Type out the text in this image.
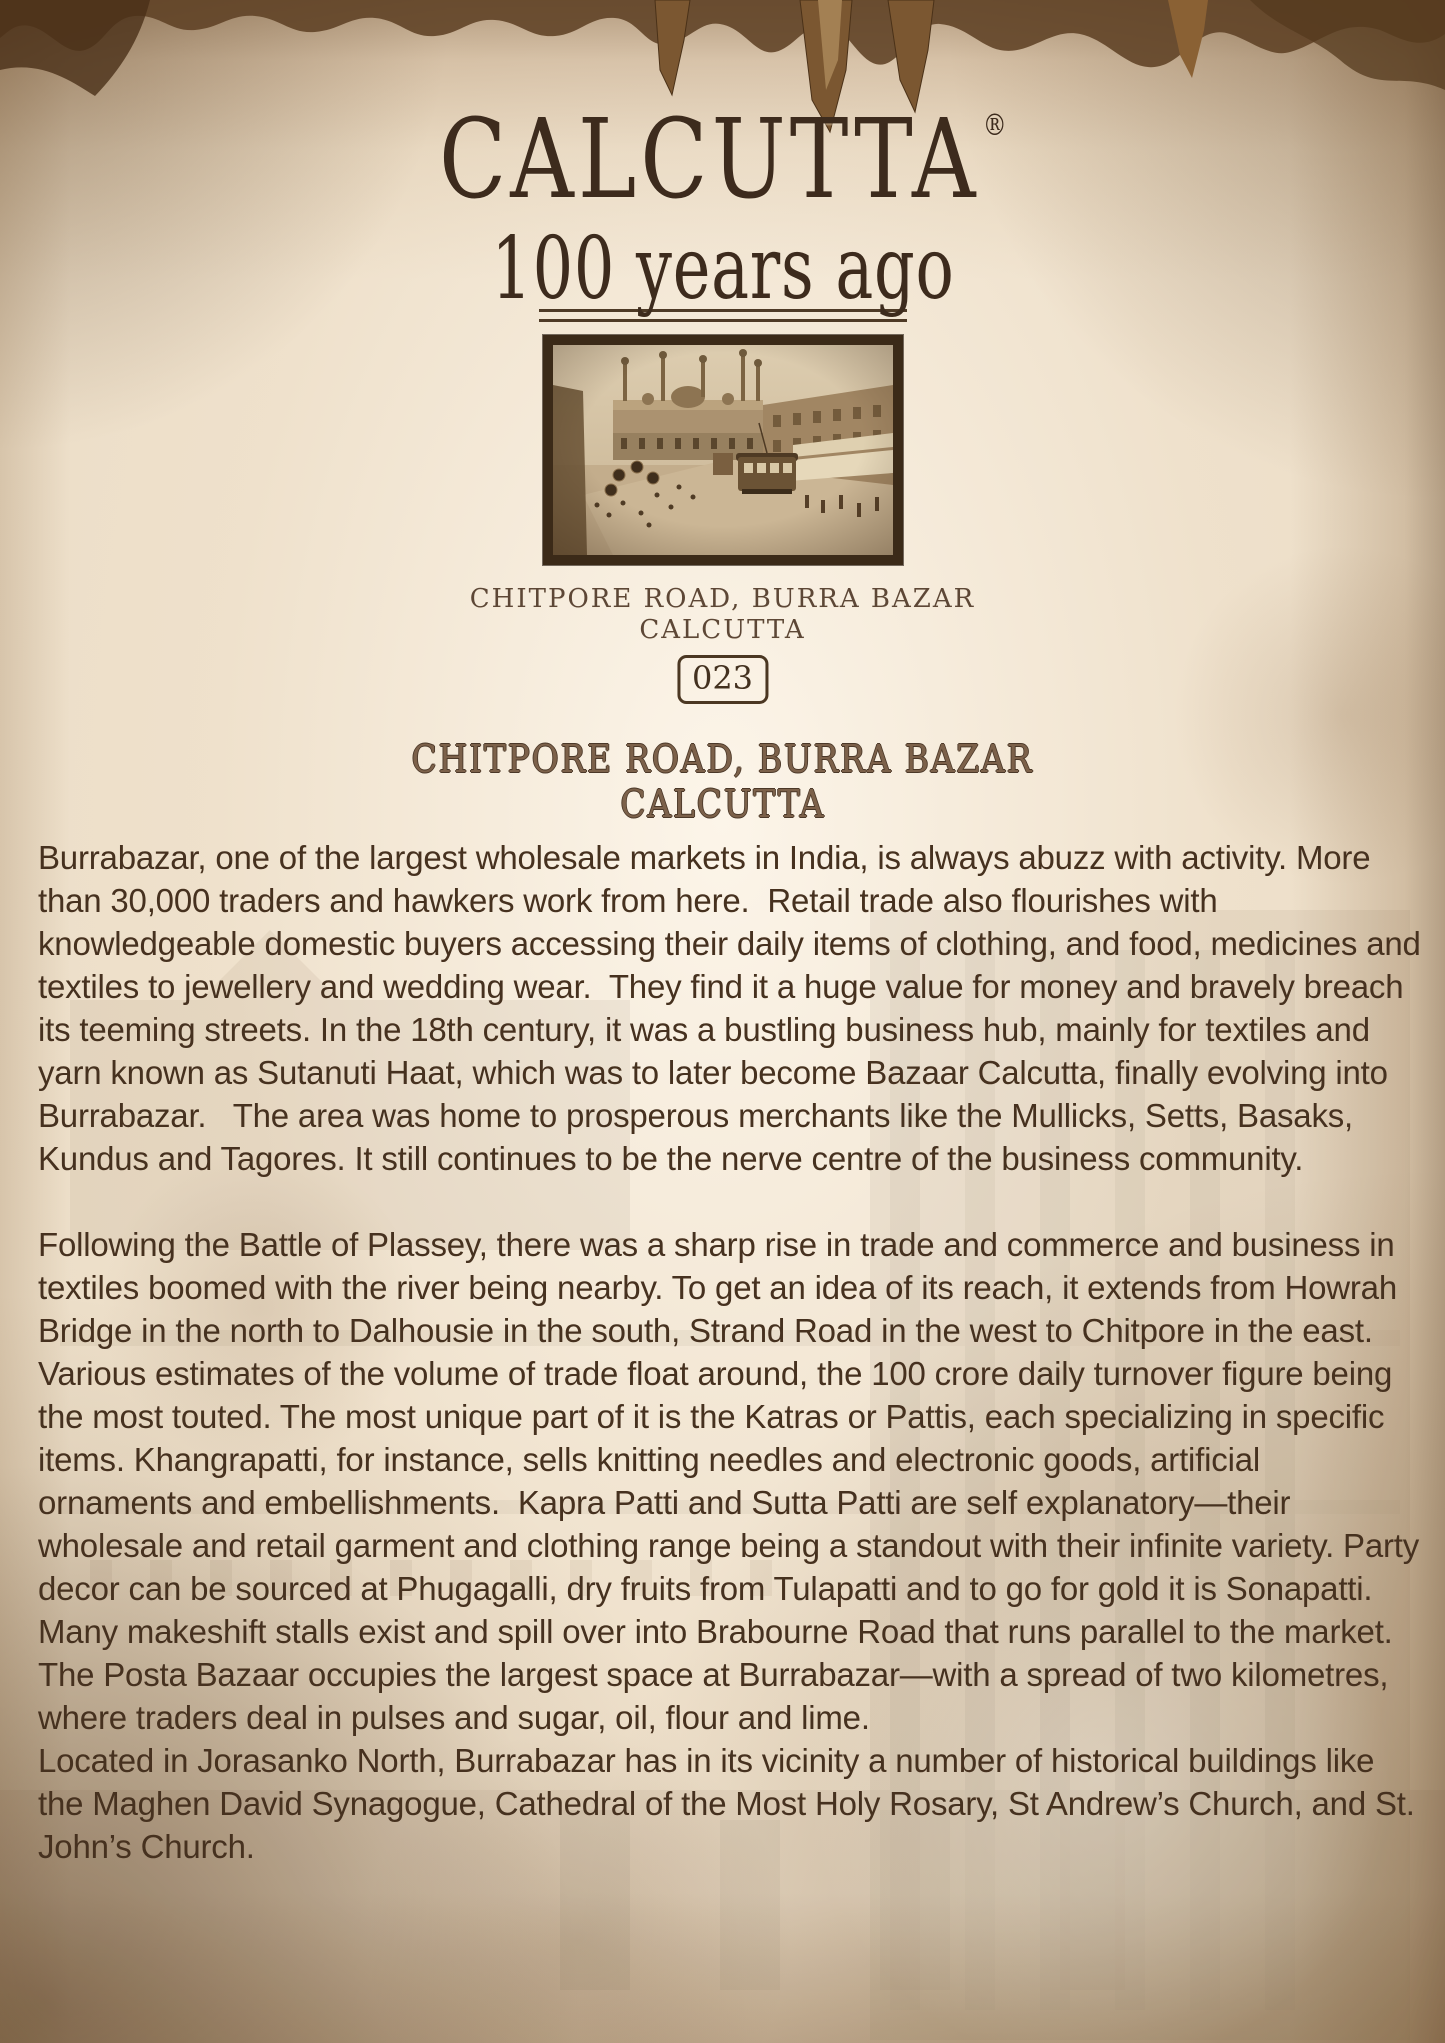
CALCUTTA ®
100 years ago
CHITPORE ROAD, BURRA BAZAR
CALCUTTA
023
CHITPORE ROAD, BURRA BAZAR
CALCUTTA

Burrabazar, one of the largest wholesale markets in India, is always abuzz with activity. More than 30,000 traders and hawkers work from here.  Retail trade also flourishes with knowledgeable domestic buyers accessing their daily items of clothing, and food, medicines and textiles to jewellery and wedding wear.  They find it a huge value for money and bravely breach its teeming streets. In the 18th century, it was a bustling business hub, mainly for textiles and yarn known as Sutanuti Haat, which was to later become Bazaar Calcutta, finally evolving into Burrabazar.   The area was home to prosperous merchants like the Mullicks, Setts, Basaks, Kundus and Tagores. It still continues to be the nerve centre of the business community.

Following the Battle of Plassey, there was a sharp rise in trade and commerce and business in textiles boomed with the river being nearby. To get an idea of its reach, it extends from Howrah Bridge in the north to Dalhousie in the south, Strand Road in the west to Chitpore in the east. Various estimates of the volume of trade float around, the 100 crore daily turnover figure being the most touted. The most unique part of it is the Katras or Pattis, each specializing in specific items. Khangrapatti, for instance, sells knitting needles and electronic goods, artificial ornaments and embellishments.  Kapra Patti and Sutta Patti are self explanatory—their wholesale and retail garment and clothing range being a standout with their infinite variety. Party decor can be sourced at Phugagalli, dry fruits from Tulapatti and to go for gold it is Sonapatti. Many makeshift stalls exist and spill over into Brabourne Road that runs parallel to the market.

The Posta Bazaar occupies the largest space at Burrabazar—with a spread of two kilometres, where traders deal in pulses and sugar, oil, flour and lime.

Located in Jorasanko North, Burrabazar has in its vicinity a number of historical buildings like the Maghen David Synagogue, Cathedral of the Most Holy Rosary, St Andrew’s Church, and St. John’s Church.
